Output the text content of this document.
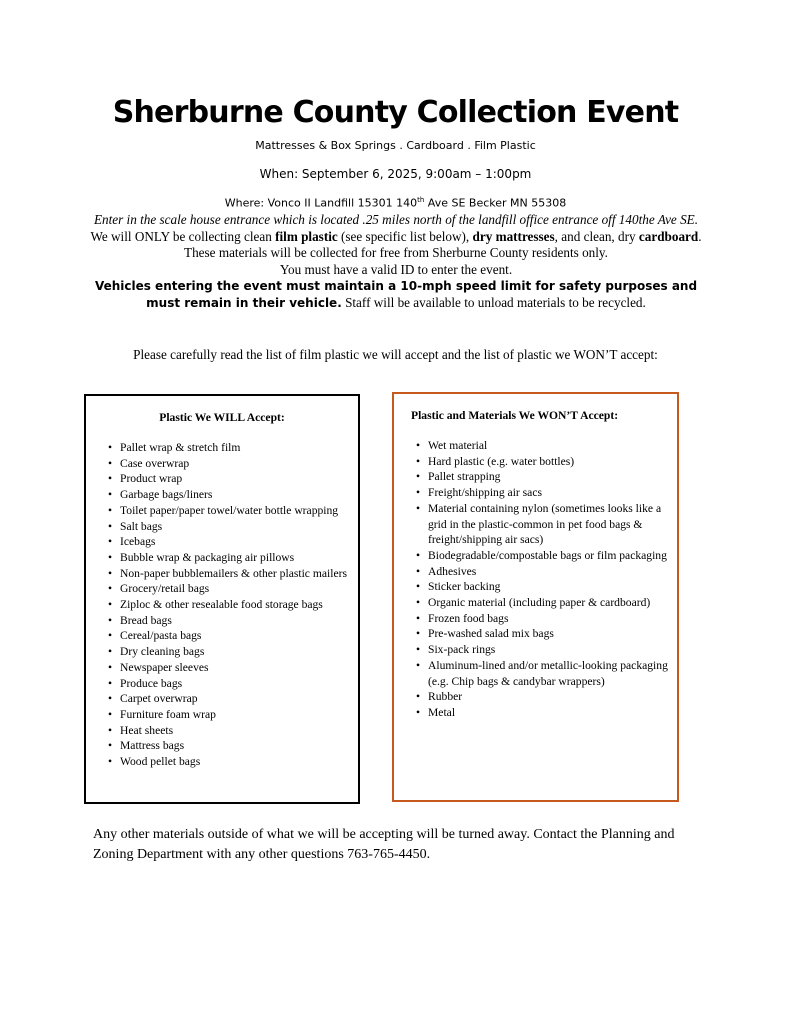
Sherburne County Collection Event
Mattresses & Box Springs . Cardboard . Film Plastic
When: September 6, 2025, 9:00am – 1:00pm
Where: Vonco II Landfill 15301 140th Ave SE Becker MN 55308

Enter in the scale house entrance which is located .25 miles north of the landfill office entrance off 140the Ave SE.

We will ONLY be collecting clean film plastic (see specific list below), dry mattresses, and clean, dry cardboard. These materials will be collected for free from Sherburne County residents only.

You must have a valid ID to enter the event.

Vehicles entering the event must maintain a 10-mph speed limit for safety purposes and must remain in their vehicle. Staff will be available to unload materials to be recycled.

Please carefully read the list of film plastic we will accept and the list of plastic we WON’T accept:
Plastic We WILL Accept:
• Pallet wrap & stretch film
• Case overwrap
• Product wrap
• Garbage bags/liners
• Toilet paper/paper towel/water bottle wrapping
• Salt bags
• Icebags
• Bubble wrap & packaging air pillows
• Non-paper bubblemailers & other plastic mailers
• Grocery/retail bags
• Ziploc & other resealable food storage bags
• Bread bags
• Cereal/pasta bags
• Dry cleaning bags
• Newspaper sleeves
• Produce bags
• Carpet overwrap
• Furniture foam wrap
• Heat sheets
• Mattress bags
• Wood pellet bags
Plastic and Materials We WON’T Accept:
• Wet material
• Hard plastic (e.g. water bottles)
• Pallet strapping
• Freight/shipping air sacs
• Material containing nylon (sometimes looks like a grid in the plastic-common in pet food bags & freight/shipping air sacs)
• Biodegradable/compostable bags or film packaging
• Adhesives
• Sticker backing
• Organic material (including paper & cardboard)
• Frozen food bags
• Pre-washed salad mix bags
• Six-pack rings
• Aluminum-lined and/or metallic-looking packaging (e.g. Chip bags & candybar wrappers)
• Rubber
• Metal
Any other materials outside of what we will be accepting will be turned away. Contact the Planning and Zoning Department with any other questions 763-765-4450.
